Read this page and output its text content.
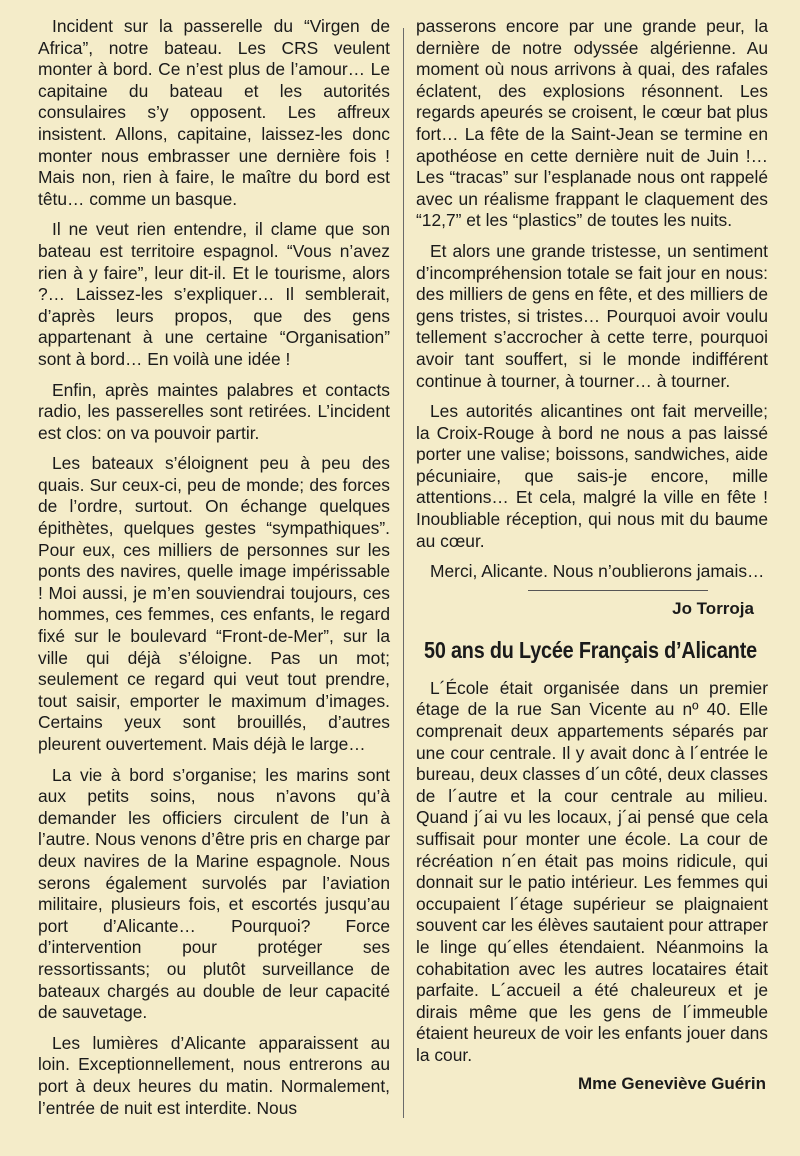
Incident sur la passerelle du “Virgen de Africa”, notre bateau. Les CRS veulent monter à bord. Ce n’est plus de l’amour… Le capitaine du bateau et les autorités consulaires s’y opposent. Les affreux insistent. Allons, capitaine, laissez-les donc monter nous embrasser une dernière fois ! Mais non, rien à faire, le maître du bord est têtu… comme un basque.

Il ne veut rien entendre, il clame que son bateau est territoire espagnol. “Vous n’avez rien à y faire”, leur dit-il. Et le tourisme, alors ?… Laissez-les s’expliquer… Il semblerait, d’après leurs propos, que des gens appartenant à une certaine “Organisation” sont à bord… En voilà une idée !

Enfin, après maintes palabres et contacts radio, les passerelles sont retirées. L’incident est clos: on va pouvoir partir.

Les bateaux s’éloignent peu à peu des quais. Sur ceux-ci, peu de monde; des forces de l’ordre, surtout. On échange quelques épithètes, quelques gestes “sympathiques”. Pour eux, ces milliers de personnes sur les ponts des navires, quelle image impérissable ! Moi aussi, je m’en souviendrai toujours, ces hommes, ces femmes, ces enfants, le regard fixé sur le boulevard “Front-de-Mer”, sur la ville qui déjà s’éloigne. Pas un mot; seulement ce regard qui veut tout prendre, tout saisir, emporter le maximum d’images. Certains yeux sont brouillés, d’autres pleurent ouvertement. Mais déjà le large…

La vie à bord s’organise; les marins sont aux petits soins, nous n’avons qu’à demander les officiers circulent de l’un à l’autre. Nous venons d’être pris en charge par deux navires de la Marine espagnole. Nous serons également survolés par l’aviation militaire, plusieurs fois, et escortés jusqu’au port d’Alicante… Pourquoi? Force d’intervention pour protéger ses ressortissants; ou plutôt surveillance de bateaux chargés au double de leur capacité de sauvetage.

Les lumières d’Alicante apparaissent au loin. Exceptionnellement, nous entrerons au port à deux heures du matin. Normalement, l’entrée de nuit est interdite. Nous

passerons encore par une grande peur, la dernière de notre odyssée algérienne. Au moment où nous arrivons à quai, des rafales éclatent, des explosions résonnent. Les regards apeurés se croisent, le cœur bat plus fort… La fête de la Saint-Jean se termine en apothéose en cette dernière nuit de Juin !… Les “tracas” sur l’esplanade nous ont rappelé avec un réalisme frappant le claquement des “12,7” et les “plastics” de toutes les nuits.

Et alors une grande tristesse, un sentiment d’incompréhension totale se fait jour en nous: des milliers de gens en fête, et des milliers de gens tristes, si tristes… Pourquoi avoir voulu tellement s’accrocher à cette terre, pourquoi avoir tant souffert, si le monde indifférent continue à tourner, à tourner… à tourner.

Les autorités alicantines ont fait merveille; la Croix-Rouge à bord ne nous a pas laissé porter une valise; boissons, sandwiches, aide pécuniaire, que sais-je encore, mille attentions… Et cela, malgré la ville en fête ! Inoubliable réception, qui nous mit du baume au cœur.

Merci, Alicante. Nous n’oublierons jamais…

Jo Torroja
50 ans du Lycée Français d’Alicante

L´École était organisée dans un premier étage de la rue San Vicente au nº 40. Elle comprenait deux appartements séparés par une cour centrale. Il y avait donc à l´entrée le bureau, deux classes d´un côté, deux classes de l´autre et la cour centrale au milieu. Quand j´ai vu les locaux, j´ai pensé que cela suffisait pour monter une école. La cour de récréation n´en était pas moins ridicule, qui donnait sur le patio intérieur. Les femmes qui occupaient l´étage supérieur se plaignaient souvent car les élèves sautaient pour attraper le linge qu´elles étendaient. Néanmoins la cohabitation avec les autres locataires était parfaite. L´accueil a été chaleureux et je dirais même que les gens de l´immeuble étaient heureux de voir les enfants jouer dans la cour.

Mme Geneviève Guérin
